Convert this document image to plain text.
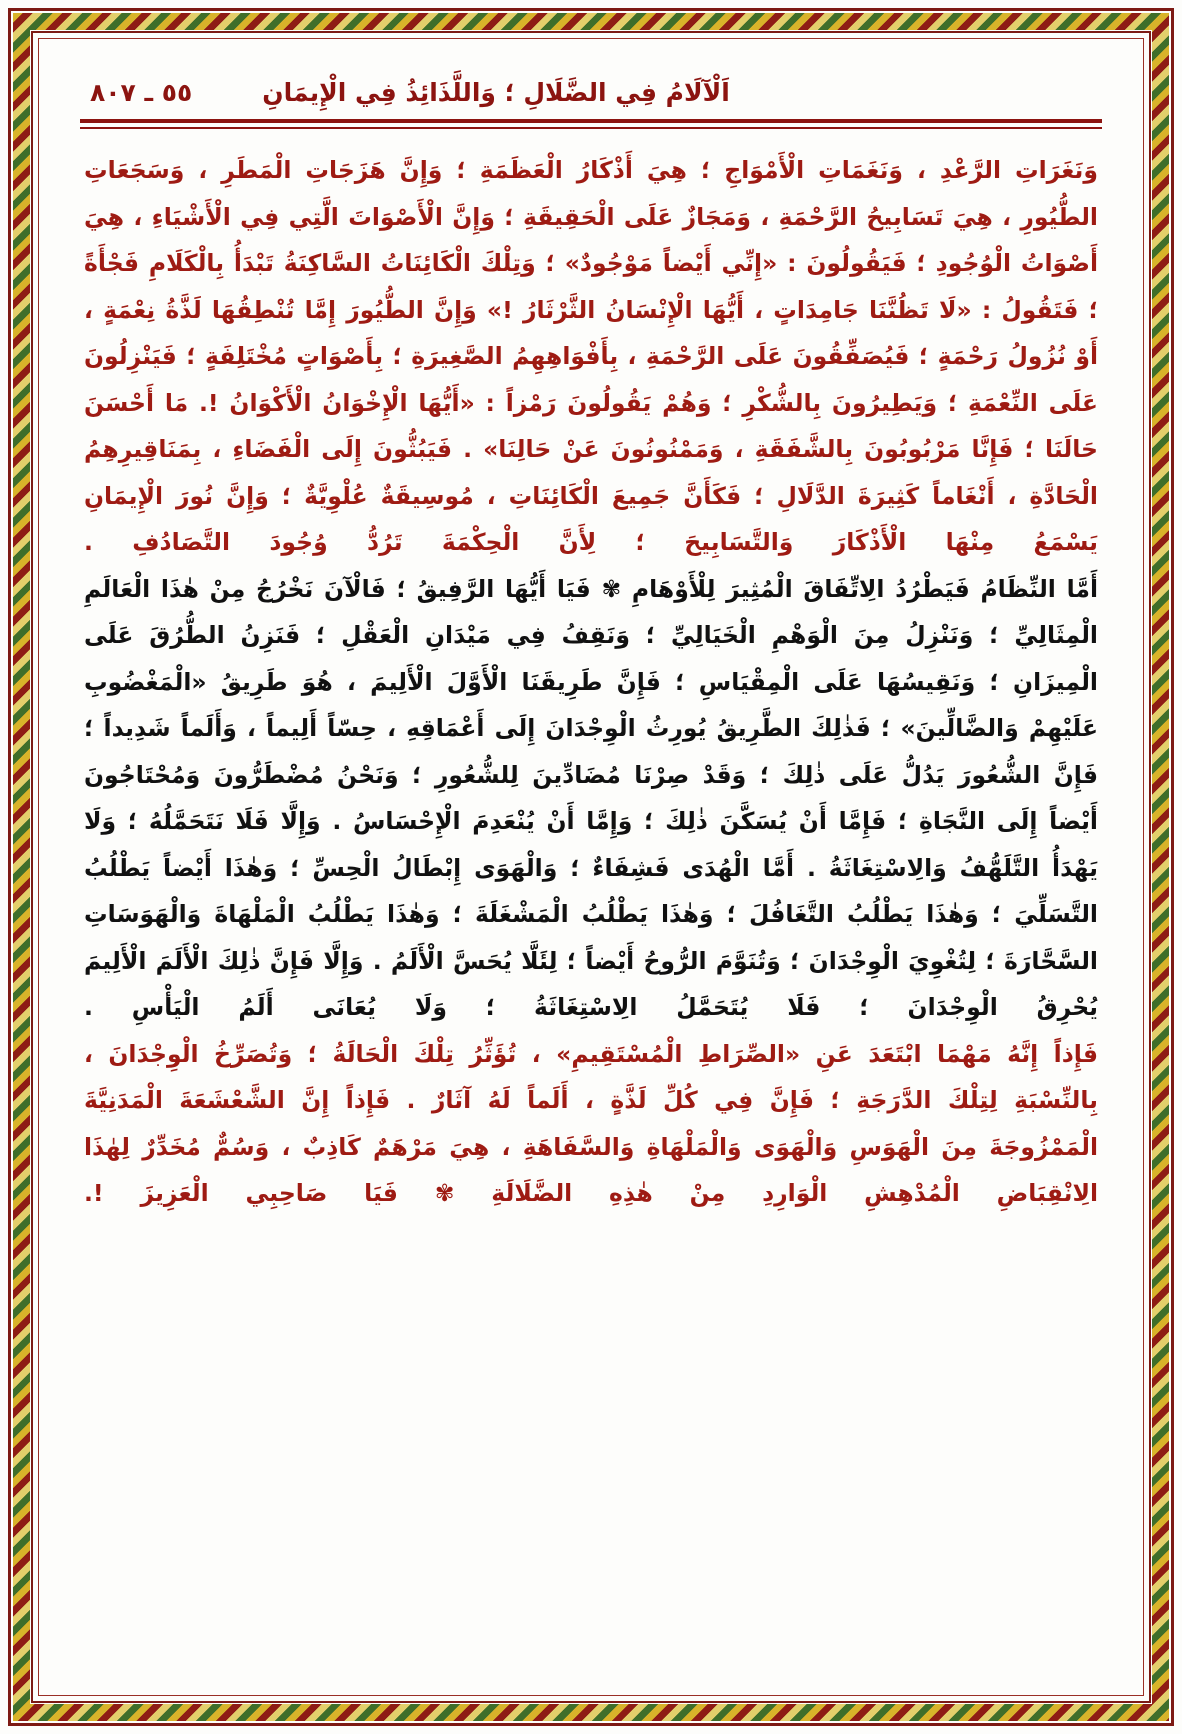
٥٥ ـ ٨٠٧	اَلْآلَامُ فِي الضَّلَالِ ؛ وَاللَّذَائِذُ فِي الْإِيمَانِ

وَنَغَرَاتِ الرَّعْدِ ، وَنَغَمَاتِ الْأَمْوَاجِ ؛ هِيَ أَذْكَارُ الْعَظَمَةِ ؛ وَإِنَّ هَزَجَاتِ الْمَطَرِ ، وَسَجَعَاتِ الطُّيُورِ ، هِيَ تَسَابِيحُ الرَّحْمَةِ ، وَمَجَازٌ عَلَى الْحَقِيقَةِ ؛ وَإِنَّ الْأَصْوَاتَ الَّتِي فِي الْأَشْيَاءِ ، هِيَ أَصْوَاتُ الْوُجُودِ ؛ فَيَقُولُونَ : «إِنِّي أَيْضاً مَوْجُودٌ» ؛ وَتِلْكَ الْكَائِنَاتُ السَّاكِنَةُ تَبْدَأُ بِالْكَلَامِ فَجْأَةً ؛ فَتَقُولُ : «لَا تَظُنَّنَا جَامِدَاتٍ ، أَيُّهَا الْإِنْسَانُ الثَّرْثَارُ !» وَإِنَّ الطُّيُورَ إِمَّا تُنْطِقُهَا لَذَّةُ نِعْمَةٍ ، أَوْ نُزُولُ رَحْمَةٍ ؛ فَيُصَفِّقُونَ عَلَى الرَّحْمَةِ ، بِأَفْوَاهِهِمُ الصَّغِيرَةِ ؛ بِأَصْوَاتٍ مُخْتَلِفَةٍ ؛ فَيَنْزِلُونَ عَلَى النِّعْمَةِ ؛ وَيَطِيرُونَ بِالشُّكْرِ ؛ وَهُمْ يَقُولُونَ رَمْزاً : «أَيُّهَا الْإِخْوَانُ الْأَكْوَانُ !. مَا أَحْسَنَ حَالَنَا ؛ فَإِنَّا مَرْبُوبُونَ بِالشَّفَقَةِ ، وَمَمْنُونُونَ عَنْ حَالِنَا» . فَيَبُثُّونَ إِلَى الْفَضَاءِ ، بِمَنَاقِيرِهِمُ الْحَادَّةِ ، أَنْغَاماً كَثِيرَةَ الدَّلَالِ ؛ فَكَأَنَّ جَمِيعَ الْكَائِنَاتِ ، مُوسِيقَةٌ عُلْوِيَّةٌ ؛ وَإِنَّ نُورَ الْإِيمَانِ يَسْمَعُ مِنْهَا الْأَذْكَارَ وَالتَّسَابِيحَ ؛ لِأَنَّ الْحِكْمَةَ تَرُدُّ وُجُودَ التَّصَادُفِ .

أَمَّا النِّظَامُ فَيَطْرُدُ الِاتِّفَاقَ الْمُثِيرَ لِلْأَوْهَامِ ✾ فَيَا أَيُّهَا الرَّفِيقُ ؛ فَالْآنَ نَخْرُجُ مِنْ هٰذَا الْعَالَمِ الْمِثَالِيِّ ؛ وَنَنْزِلُ مِنَ الْوَهْمِ الْخَيَالِيِّ ؛ وَنَقِفُ فِي مَيْدَانِ الْعَقْلِ ؛ فَنَزِنُ الطُّرُقَ عَلَى الْمِيزَانِ ؛ وَنَقِيسُهَا عَلَى الْمِقْيَاسِ ؛ فَإِنَّ طَرِيقَنَا الْأَوَّلَ الْأَلِيمَ ، هُوَ طَرِيقُ «الْمَغْضُوبِ عَلَيْهِمْ وَالضَّالِّينَ» ؛ فَذٰلِكَ الطَّرِيقُ يُورِثُ الْوِجْدَانَ إِلَى أَعْمَاقِهِ ، حِسّاً أَلِيماً ، وَأَلَماً شَدِيداً ؛ فَإِنَّ الشُّعُورَ يَدُلُّ عَلَى ذٰلِكَ ؛ وَقَدْ صِرْنَا مُضَادِّينَ لِلشُّعُورِ ؛ وَنَحْنُ مُضْطَرُّونَ وَمُحْتَاجُونَ أَيْضاً إِلَى النَّجَاةِ ؛ فَإِمَّا أَنْ يُسَكَّنَ ذٰلِكَ ؛ وَإِمَّا أَنْ يُنْعَدِمَ الْإِحْسَاسُ . وَإِلَّا فَلَا نَتَحَمَّلُهُ ؛ وَلَا يَهْدَأُ التَّلَهُّفُ وَالِاسْتِغَاثَةُ . أَمَّا الْهُدَى فَشِفَاءٌ ؛ وَالْهَوَى إِبْطَالُ الْحِسِّ ؛ وَهٰذَا أَيْضاً يَطْلُبُ التَّسَلِّيَ ؛ وَهٰذَا يَطْلُبُ التَّغَافُلَ ؛ وَهٰذَا يَطْلُبُ الْمَشْغَلَةَ ؛ وَهٰذَا يَطْلُبُ الْمَلْهَاةَ وَالْهَوَسَاتِ السَّحَّارَةَ ؛ لِتُغْوِيَ الْوِجْدَانَ ؛ وَتُنَوَّمَ الرُّوحُ أَيْضاً ؛ لِئَلَّا يُحَسَّ الْأَلَمُ . وَإِلَّا فَإِنَّ ذٰلِكَ الْأَلَمَ الْأَلِيمَ يُحْرِقُ الْوِجْدَانَ ؛ فَلَا يُتَحَمَّلُ الِاسْتِغَاثَةُ ؛ وَلَا يُعَانَى أَلَمُ الْيَأْسِ .

فَإِذاً إِنَّهُ مَهْمَا ابْتَعَدَ عَنِ «الصِّرَاطِ الْمُسْتَقِيمِ» ، تُؤَثِّرُ تِلْكَ الْحَالَةُ ؛ وَتُصَرِّخُ الْوِجْدَانَ ، بِالنِّسْبَةِ لِتِلْكَ الدَّرَجَةِ ؛ فَإِنَّ فِي كُلِّ لَذَّةٍ ، أَلَماً لَهُ آثَارٌ . فَإِذاً إِنَّ الشَّعْشَعَةَ الْمَدَنِيَّةَ الْمَمْزُوجَةَ مِنَ الْهَوَسِ وَالْهَوَى وَالْمَلْهَاةِ وَالسَّفَاهَةِ ، هِيَ مَرْهَمٌ كَاذِبٌ ، وَسُمٌّ مُخَدِّرٌ لِهٰذَا الِانْقِبَاضِ الْمُدْهِشِ الْوَارِدِ مِنْ هٰذِهِ الضَّلَالَةِ ✾ فَيَا صَاحِبِي الْعَزِيزَ !.
